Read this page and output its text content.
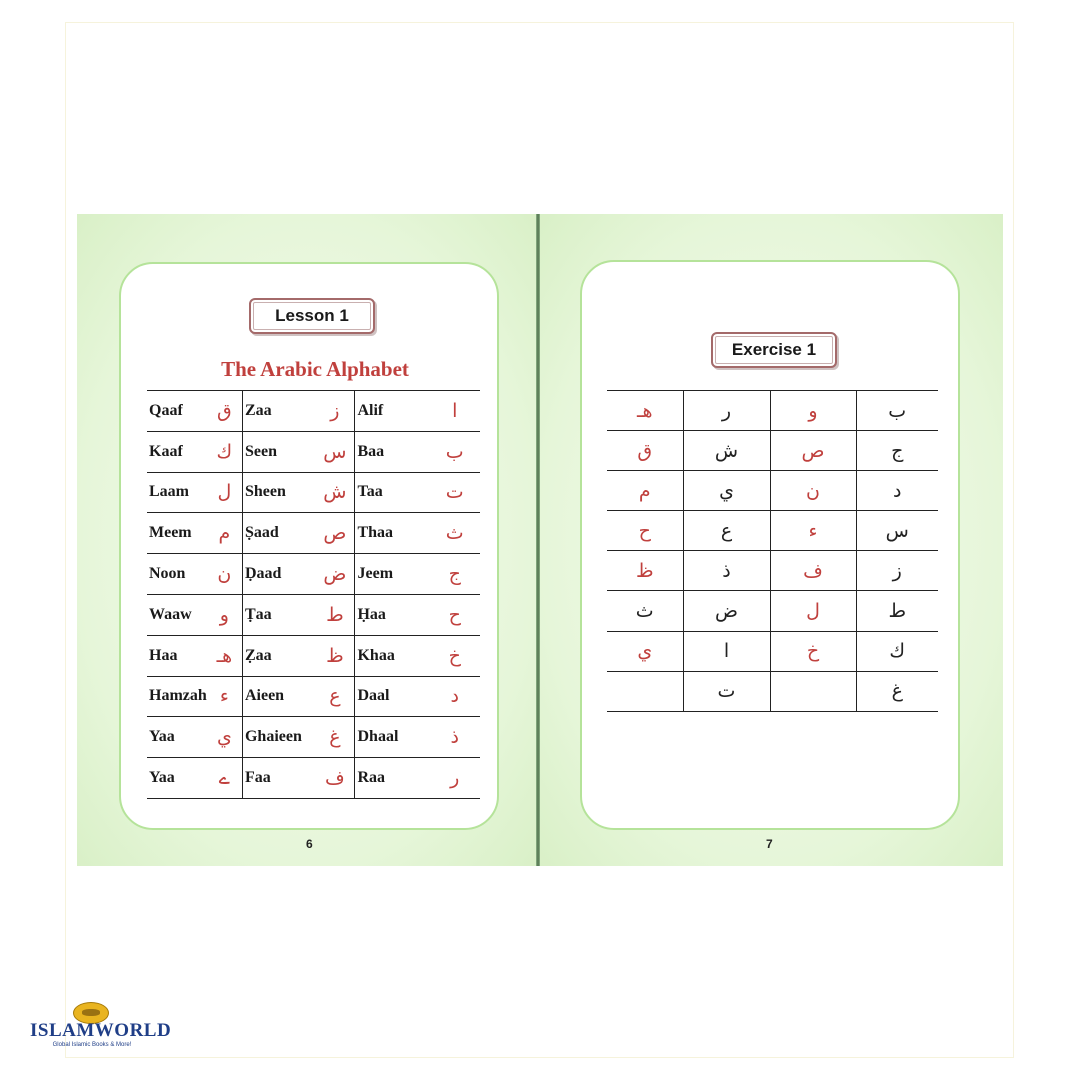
Lesson 1
The Arabic Alphabet
Qaaf	ق	Zaa	ز	Alif	ا
Kaaf	ك	Seen	س	Baa	ب
Laam	ل	Sheen	ش	Taa	ت
Meem	م	Ṣaad	ص	Thaa	ث
Noon	ن	Ḍaad	ض	Jeem	ج
Waaw	و	Ṭaa	ط	Ḥaa	ح
Haa	هـ	Ẓaa	ظ	Khaa	خ
Hamzah	ء	Aieen	ع	Daal	د
Yaa	ي	Ghaieen	غ	Dhaal	ذ
Yaa	ے	Faa	ف	Raa	ر
6
Exercise 1
هـ	ر	و	ب
ق	ش	ص	ج
م	ي	ن	د
ح	ع	ء	س
ظ	ذ	ف	ز
ث	ض	ل	ط
ي	ا	خ	ك
	ت		غ
7
ISLAMWORLD
Global Islamic Books & More!
